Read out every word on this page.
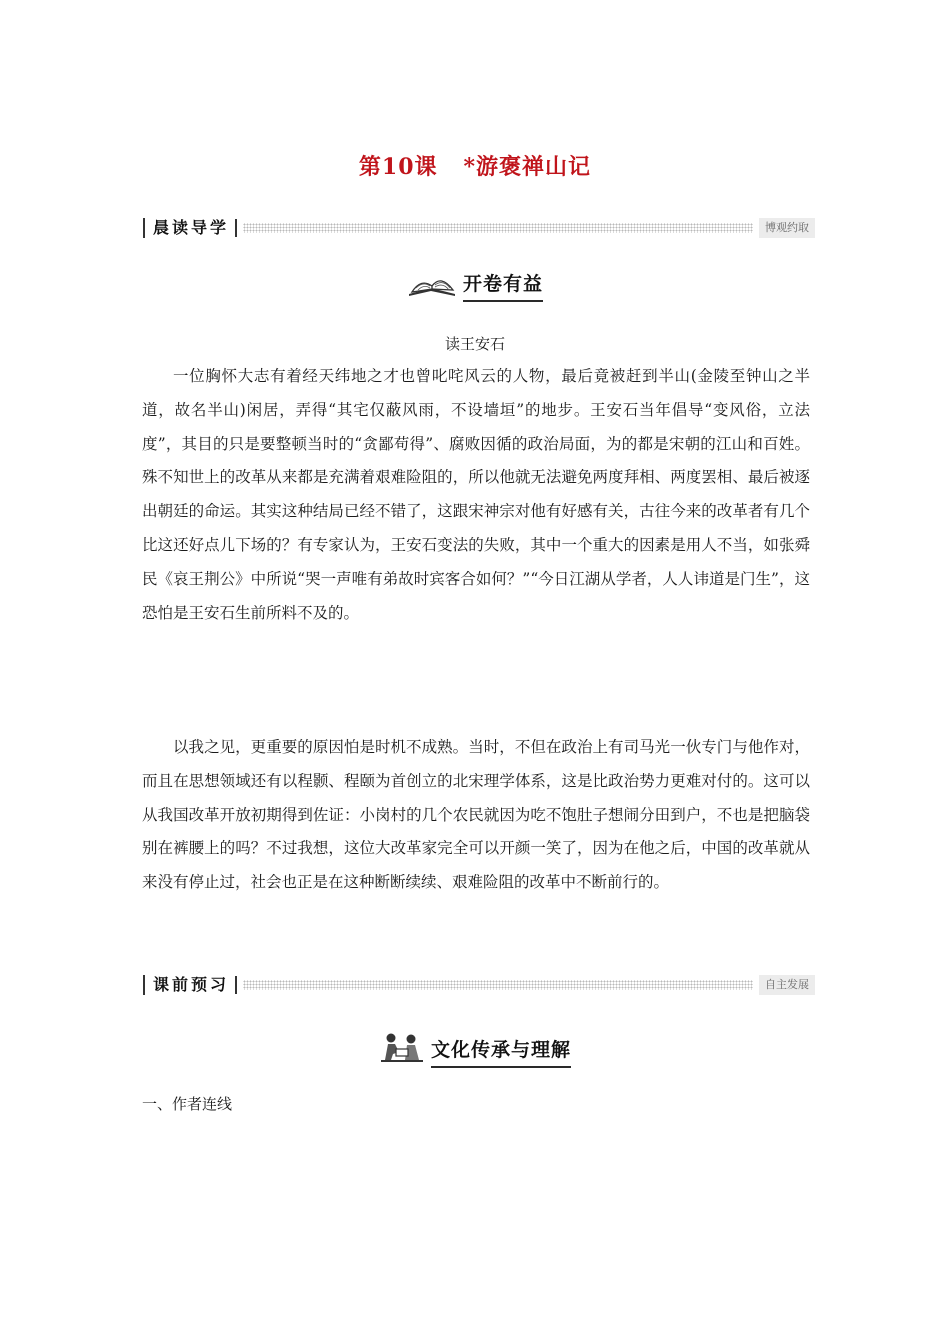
第10课 *游褒禅山记
晨读导学	博观约取
开卷有益
读王安石

一位胸怀大志有着经天纬地之才也曾叱咤风云的人物，最后竟被赶到半山(金陵至钟山之半道，故名半山)闲居，弄得“其宅仅蔽风雨，不设墙垣”的地步。王安石当年倡导“变风俗，立法度”，其目的只是要整顿当时的“贪鄙苟得”、腐败因循的政治局面，为的都是宋朝的江山和百姓。殊不知世上的改革从来都是充满着艰难险阻的，所以他就无法避免两度拜相、两度罢相、最后被逐出朝廷的命运。其实这种结局已经不错了，这跟宋神宗对他有好感有关，古往今来的改革者有几个比这还好点儿下场的？有专家认为，王安石变法的失败，其中一个重大的因素是用人不当，如张舜民《哀王荆公》中所说“哭一声唯有弟故时宾客合如何？”“今日江湖从学者，人人讳道是门生”，这恐怕是王安石生前所料不及的。

以我之见，更重要的原因怕是时机不成熟。当时，不但在政治上有司马光一伙专门与他作对，而且在思想领域还有以程颢、程颐为首创立的北宋理学体系，这是比政治势力更难对付的。这可以从我国改革开放初期得到佐证：小岗村的几个农民就因为吃不饱肚子想闹分田到户，不也是把脑袋别在裤腰上的吗？不过我想，这位大改革家完全可以开颜一笑了，因为在他之后，中国的改革就从来没有停止过，社会也正是在这种断断续续、艰难险阻的改革中不断前行的。

课前预习	自主发展
文化传承与理解
一、作者连线
